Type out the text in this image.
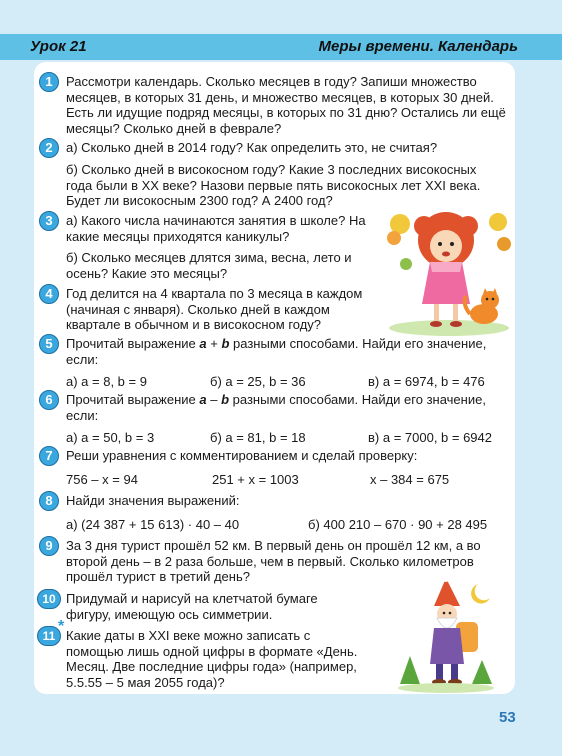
Урок 21	Меры времени. Календарь
1	Рассмотри календарь. Сколько месяцев в году? Запиши множество месяцев, в которых 31 день, и множество месяцев, в которых 30 дней. Есть ли идущие подряд месяцы, в которых по 31 дню? Остались ли ещё месяцы? Сколько дней в феврале?
2	а) Сколько дней в 2014 году? Как определить это, не считая?
б) Сколько дней в високосном году? Какие 3 последних високосных года были в XX веке? Назови первые пять високосных лет XXI века. Будет ли високосным 2300 год? А 2400 год?
3	а) Какого числа начинаются занятия в школе? На какие месяцы приходятся каникулы?
б) Сколько месяцев длятся зима, весна, лето и осень? Какие это месяцы?
4	Год делится на 4 квартала по 3 месяца в каждом (начиная с января). Сколько дней в каждом квартале в обычном и в високосном году?
5	Прочитай выражение a + b разными способами. Найди его значение, если:
а) a = 8, b = 9	б) a = 25, b = 36	в) a = 6974, b = 476
6	Прочитай выражение a – b разными способами. Найди его значение, если:
а) a = 50, b = 3	б) a = 81, b = 18	в) a = 7000, b = 6942
7	Реши уравнения с комментированием и сделай проверку:
756 – x = 94	251 + x = 1003	x – 384 = 675
8	Найди значения выражений:
а) (24 387 + 15 613) · 40 – 40	б) 400 210 – 670 · 90 + 28 495
9	За 3 дня турист прошёл 52 км. В первый день он прошёл 12 км, а во второй день – в 2 раза больше, чем в первый. Сколько километров прошёл турист в третий день?
10 Придумай и нарисуй на клетчатой бумаге фигуру, имеющую ось симметрии.
11
*
Какие даты в XXI веке можно записать с помощью лишь одной цифры в формате «День. Месяц. Две последние цифры года» (например, 5.5.55 – 5 мая 2055 года)?
53
